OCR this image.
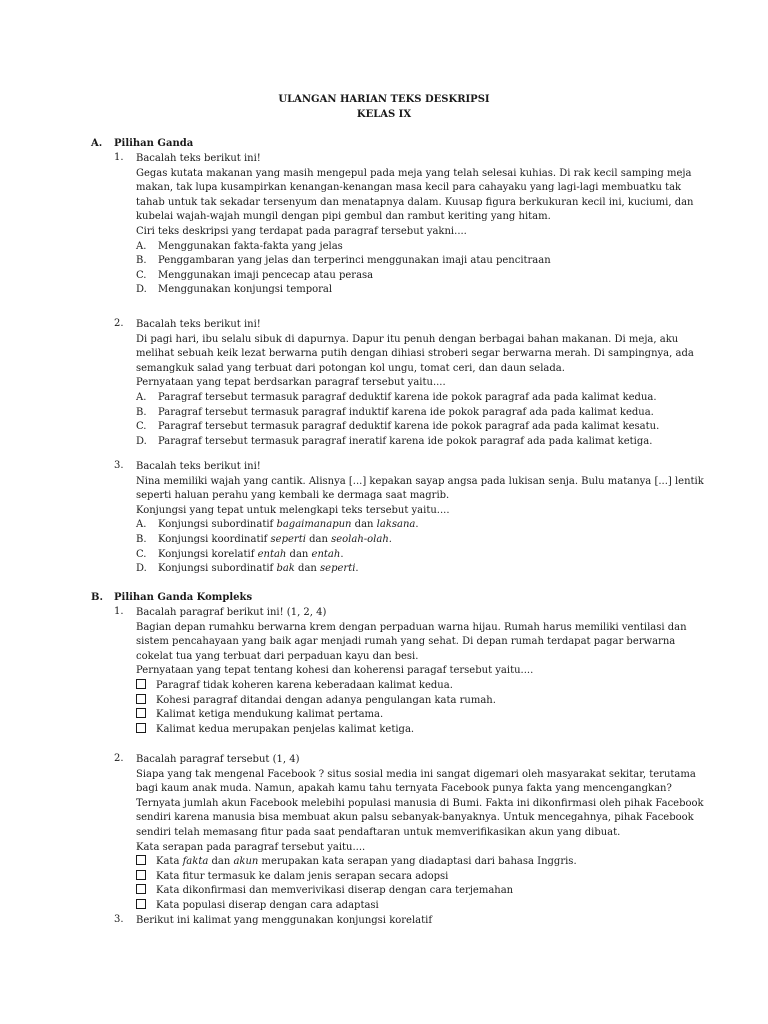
ULANGAN HARIAN TEKS DESKRIPSI
KELAS IX
A. Pilihan Ganda
1. Bacalah teks berikut ini!
Gegas kutata makanan yang masih mengepul pada meja yang telah selesai kuhias. Di rak kecil samping meja
makan, tak lupa kusampirkan kenangan-kenangan masa kecil para cahayaku yang lagi-lagi membuatku tak
tahab untuk tak sekadar tersenyum dan menatapnya dalam. Kuusap figura berkukuran kecil ini, kuciumi, dan
kubelai wajah-wajah mungil dengan pipi gembul dan rambut keriting yang hitam.
Ciri teks deskripsi yang terdapat pada paragraf tersebut yakni....
A. Menggunakan fakta-fakta yang jelas
B. Penggambaran yang jelas dan terperinci menggunakan imaji atau pencitraan
C. Menggunakan imaji pencecap atau perasa
D. Menggunakan konjungsi temporal
2. Bacalah teks berikut ini!
Di pagi hari, ibu selalu sibuk di dapurnya. Dapur itu penuh dengan berbagai bahan makanan. Di meja, aku
melihat sebuah keik lezat berwarna putih dengan dihiasi stroberi segar berwarna merah. Di sampingnya, ada
semangkuk salad yang terbuat dari potongan kol ungu, tomat ceri, dan daun selada.
Pernyataan yang tepat berdsarkan paragraf tersebut yaitu....
A. Paragraf tersebut termasuk paragraf deduktif karena ide pokok paragraf ada pada kalimat kedua.
B. Paragraf tersebut termasuk paragraf induktif karena ide pokok paragraf ada pada kalimat kedua.
C. Paragraf tersebut termasuk paragraf deduktif karena ide pokok paragraf ada pada kalimat kesatu.
D. Paragraf tersebut termasuk paragraf ineratif karena ide pokok paragraf ada pada kalimat ketiga.
3. Bacalah teks berikut ini!
Nina memiliki wajah yang cantik. Alisnya [...] kepakan sayap angsa pada lukisan senja. Bulu matanya [...] lentik
seperti haluan perahu yang kembali ke dermaga saat magrib.
Konjungsi yang tepat untuk melengkapi teks tersebut yaitu....
A. Konjungsi subordinatif bagaimanapun dan laksana.
B. Konjungsi koordinatif seperti dan seolah-olah.
C. Konjungsi korelatif entah dan entah.
D. Konjungsi subordinatif bak dan seperti.
B. Pilihan Ganda Kompleks
1. Bacalah paragraf berikut ini! (1, 2, 4)
Bagian depan rumahku berwarna krem dengan perpaduan warna hijau. Rumah harus memiliki ventilasi dan
sistem pencahayaan yang baik agar menjadi rumah yang sehat. Di depan rumah terdapat pagar berwarna
cokelat tua yang terbuat dari perpaduan kayu dan besi.
Pernyataan yang tepat tentang kohesi dan koherensi paragaf tersebut yaitu....
Paragraf tidak koheren karena keberadaan kalimat kedua.
Kohesi paragraf ditandai dengan adanya pengulangan kata rumah.
Kalimat ketiga mendukung kalimat pertama.
Kalimat kedua merupakan penjelas kalimat ketiga.
2. Bacalah paragraf tersebut (1, 4)
Siapa yang tak mengenal Facebook ? situs sosial media ini sangat digemari oleh masyarakat sekitar, terutama
bagi kaum anak muda. Namun, apakah kamu tahu ternyata Facebook punya fakta yang mencengangkan?
Ternyata jumlah akun Facebook melebihi populasi manusia di Bumi. Fakta ini dikonfirmasi oleh pihak Facebook
sendiri karena manusia bisa membuat akun palsu sebanyak-banyaknya. Untuk mencegahnya, pihak Facebook
sendiri telah memasang fitur pada saat pendaftaran untuk memverifikasikan akun yang dibuat.
Kata serapan pada paragraf tersebut yaitu....
Kata fakta dan akun merupakan kata serapan yang diadaptasi dari bahasa Inggris.
Kata fitur termasuk ke dalam jenis serapan secara adopsi
Kata dikonfirmasi dan memverivikasi diserap dengan cara terjemahan
Kata populasi diserap dengan cara adaptasi
3. Berikut ini kalimat yang menggunakan konjungsi korelatif
